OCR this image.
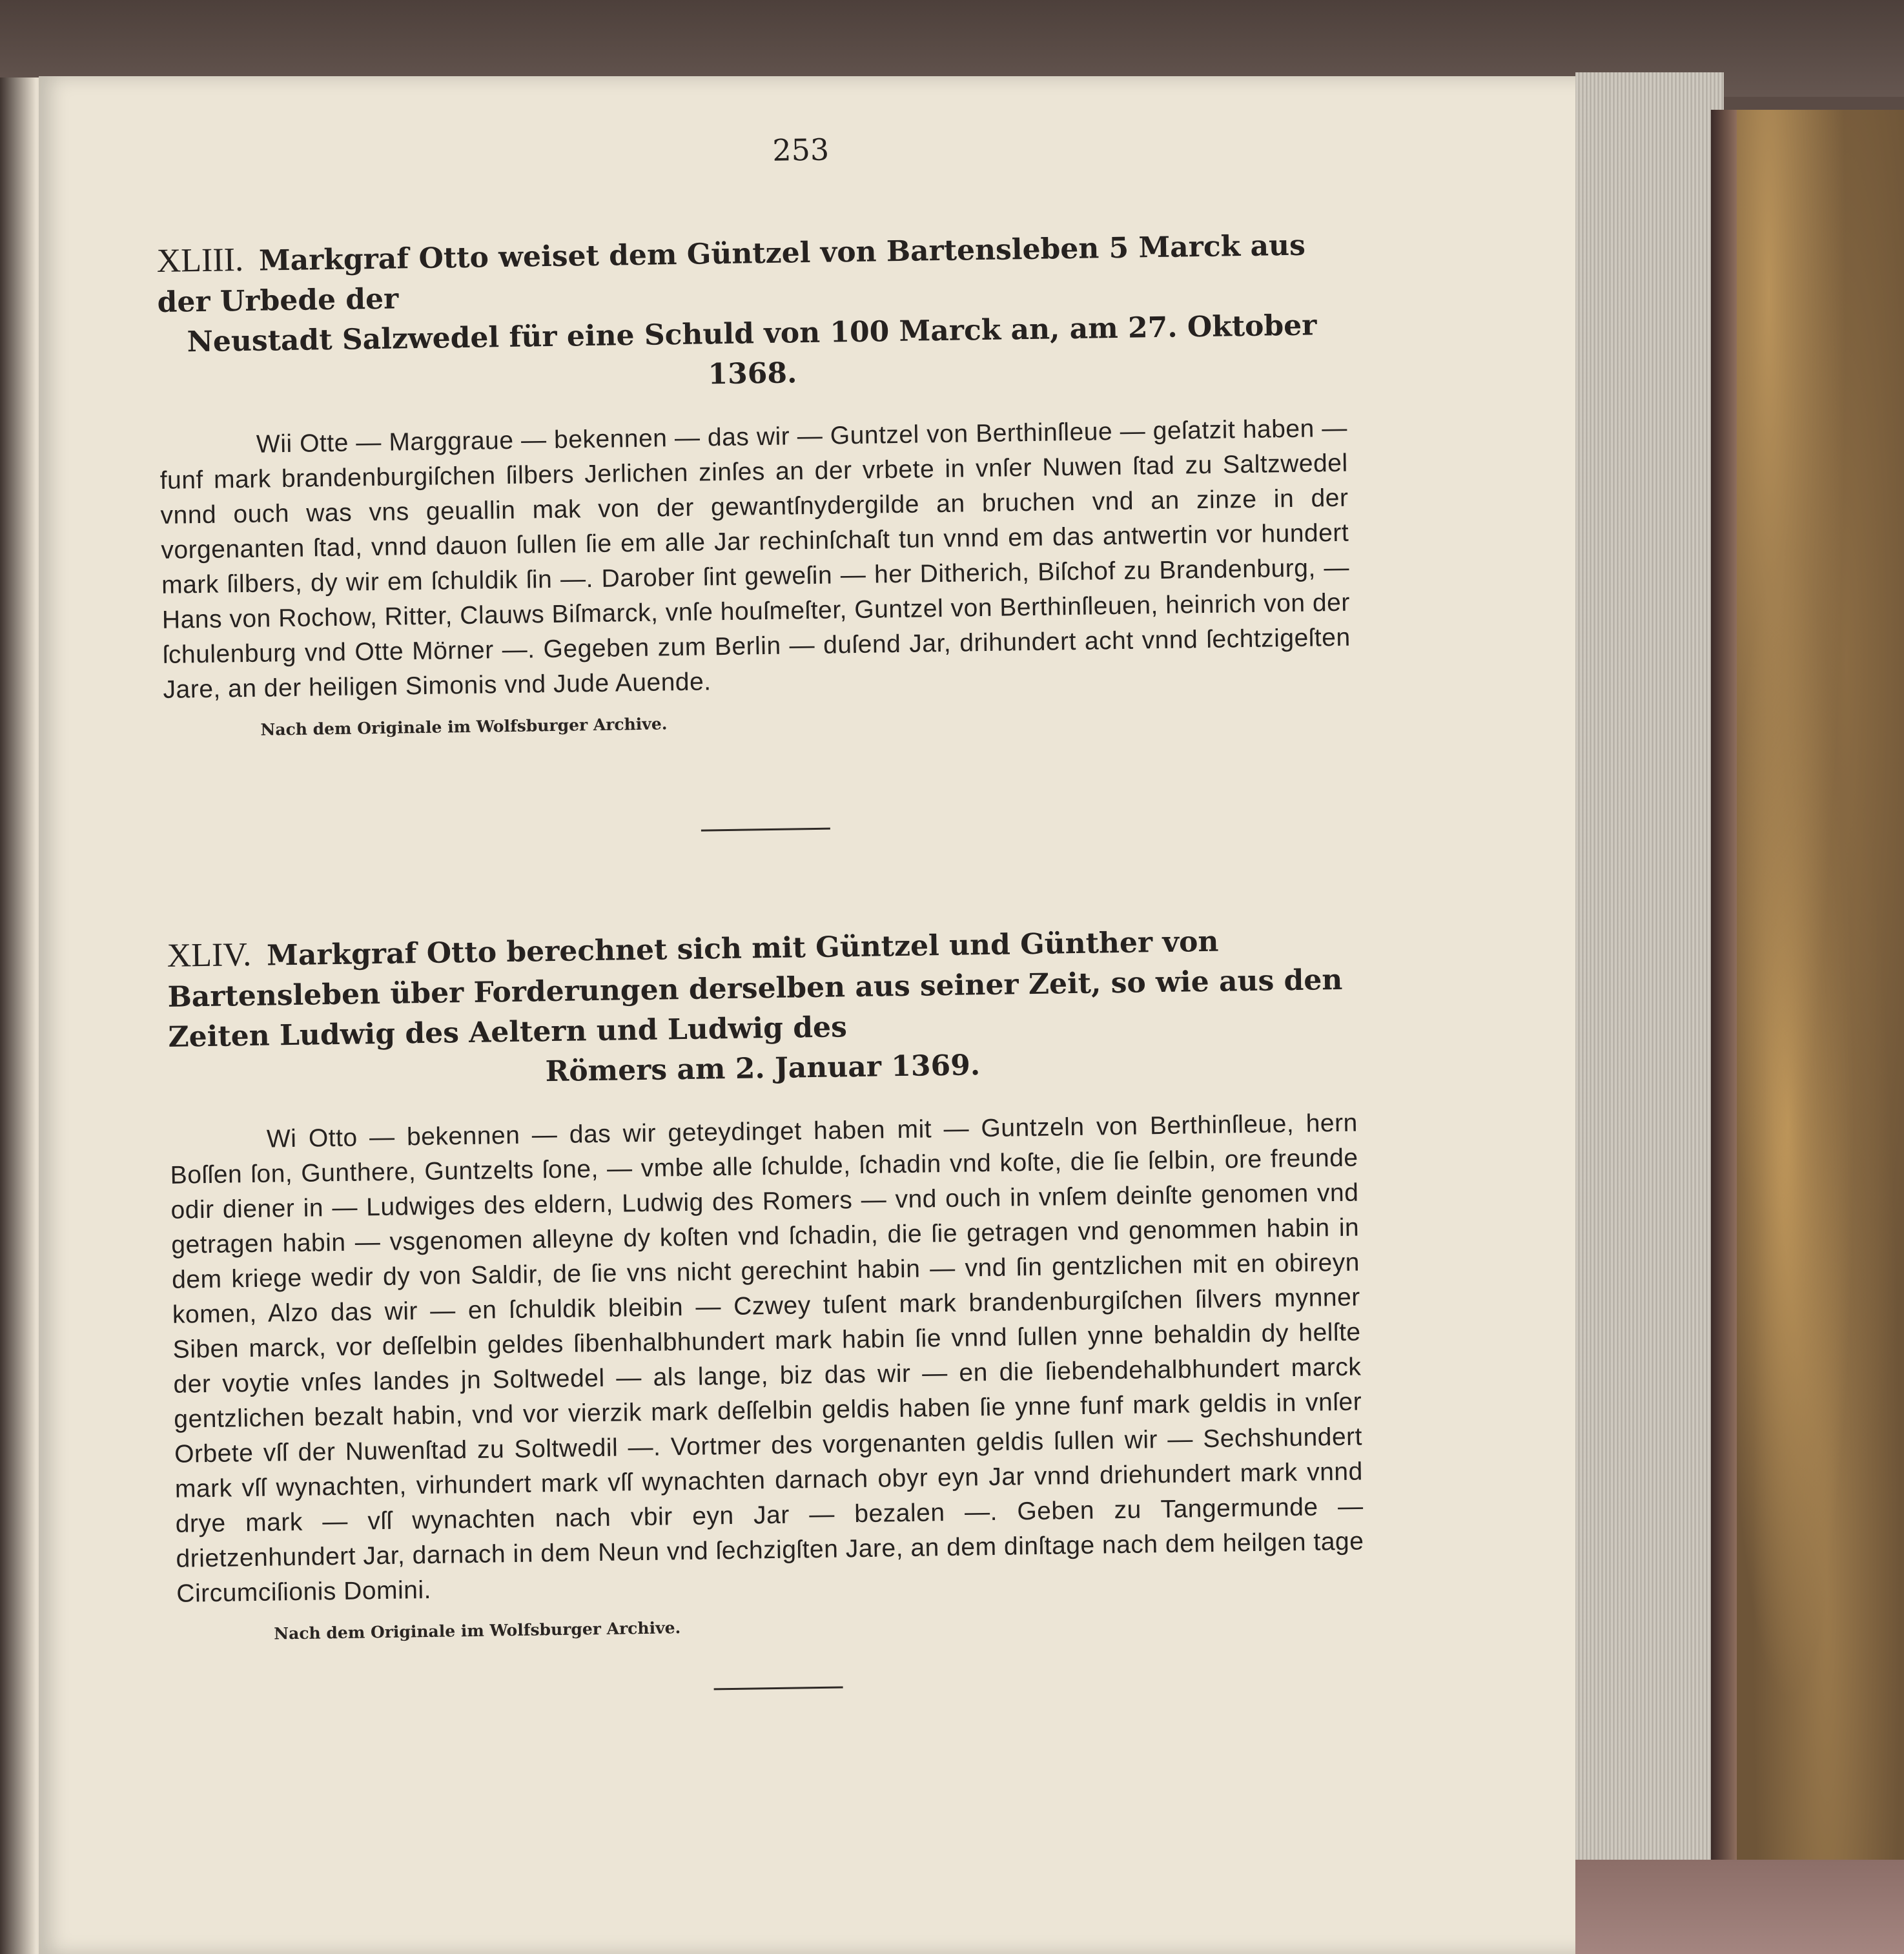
253

XLIII. Markgraf Otto weiset dem Güntzel von Bartensleben 5 Marck aus der Urbede der
Neustadt Salzwedel für eine Schuld von 100 Marck an, am 27. Oktober 1368.

Wii Otte — Marggraue — bekennen — das wir — Guntzel von Berthinſleue — geſatzit haben — funf mark brandenburgiſchen ſilbers Jerlichen zinſes an der vrbete in vnſer Nuwen ſtad zu Saltzwedel vnnd ouch was vns geuallin mak von der gewantſnydergilde an bruchen vnd an zinze in der vorgenanten ſtad, vnnd dauon ſullen ſie em alle Jar rechinſchaſt tun vnnd em das antwertin vor hundert mark ſilbers, dy wir em ſchuldik ſin —. Darober ſint geweſin — her Ditherich, Biſchof zu Brandenburg, — Hans von Rochow, Ritter, Clauws Biſmarck, vnſe houſmeſter, Guntzel von Berthinſleuen, heinrich von der ſchulenburg vnd Otte Mörner —. Gegeben zum Berlin — duſend Jar, drihundert acht vnnd ſechtzigeſten Jare, an der heiligen Simonis vnd Jude Auende.

Nach dem Originale im Wolfsburger Archive.

XLIV. Markgraf Otto berechnet sich mit Güntzel und Günther von Bartensleben über Forderungen derselben aus seiner Zeit, so wie aus den Zeiten Ludwig des Aeltern und Ludwig des
Römers am 2. Januar 1369.

Wi Otto — bekennen — das wir geteydinget haben mit — Guntzeln von Berthinſleue, hern Boſſen ſon, Gunthere, Guntzelts ſone, — vmbe alle ſchulde, ſchadin vnd koſte, die ſie ſelbin, ore freunde odir diener in — Ludwiges des eldern, Ludwig des Romers — vnd ouch in vnſem deinſte genomen vnd getragen habin — vsgenomen alleyne dy koſten vnd ſchadin, die ſie getragen vnd genommen habin in dem kriege wedir dy von Saldir, de ſie vns nicht gerechint habin — vnd ſin gentzlichen mit en obireyn komen, Alzo das wir — en ſchuldik bleibin — Czwey tuſent mark brandenburgiſchen ſilvers mynner Siben marck, vor deſſelbin geldes ſibenhalbhundert mark habin ſie vnnd ſullen ynne behaldin dy helſte der voytie vnſes landes jn Soltwedel — als lange, biz das wir — en die ſiebendehalbhundert marck gentzlichen bezalt habin, vnd vor vierzik mark deſſelbin geldis haben ſie ynne funf mark geldis in vnſer Orbete vſſ der Nuwenſtad zu Soltwedil —. Vortmer des vorgenanten geldis ſullen wir — Sechshundert mark vſſ wynachten, virhundert mark vſſ wynachten darnach obyr eyn Jar vnnd driehundert mark vnnd drye mark — vſſ wynachten nach vbir eyn Jar — bezalen —. Geben zu Tangermunde — drietzenhundert Jar, darnach in dem Neun vnd ſechzigſten Jare, an dem dinſtage nach dem heilgen tage Circumciſionis Domini.

Nach dem Originale im Wolfsburger Archive.
